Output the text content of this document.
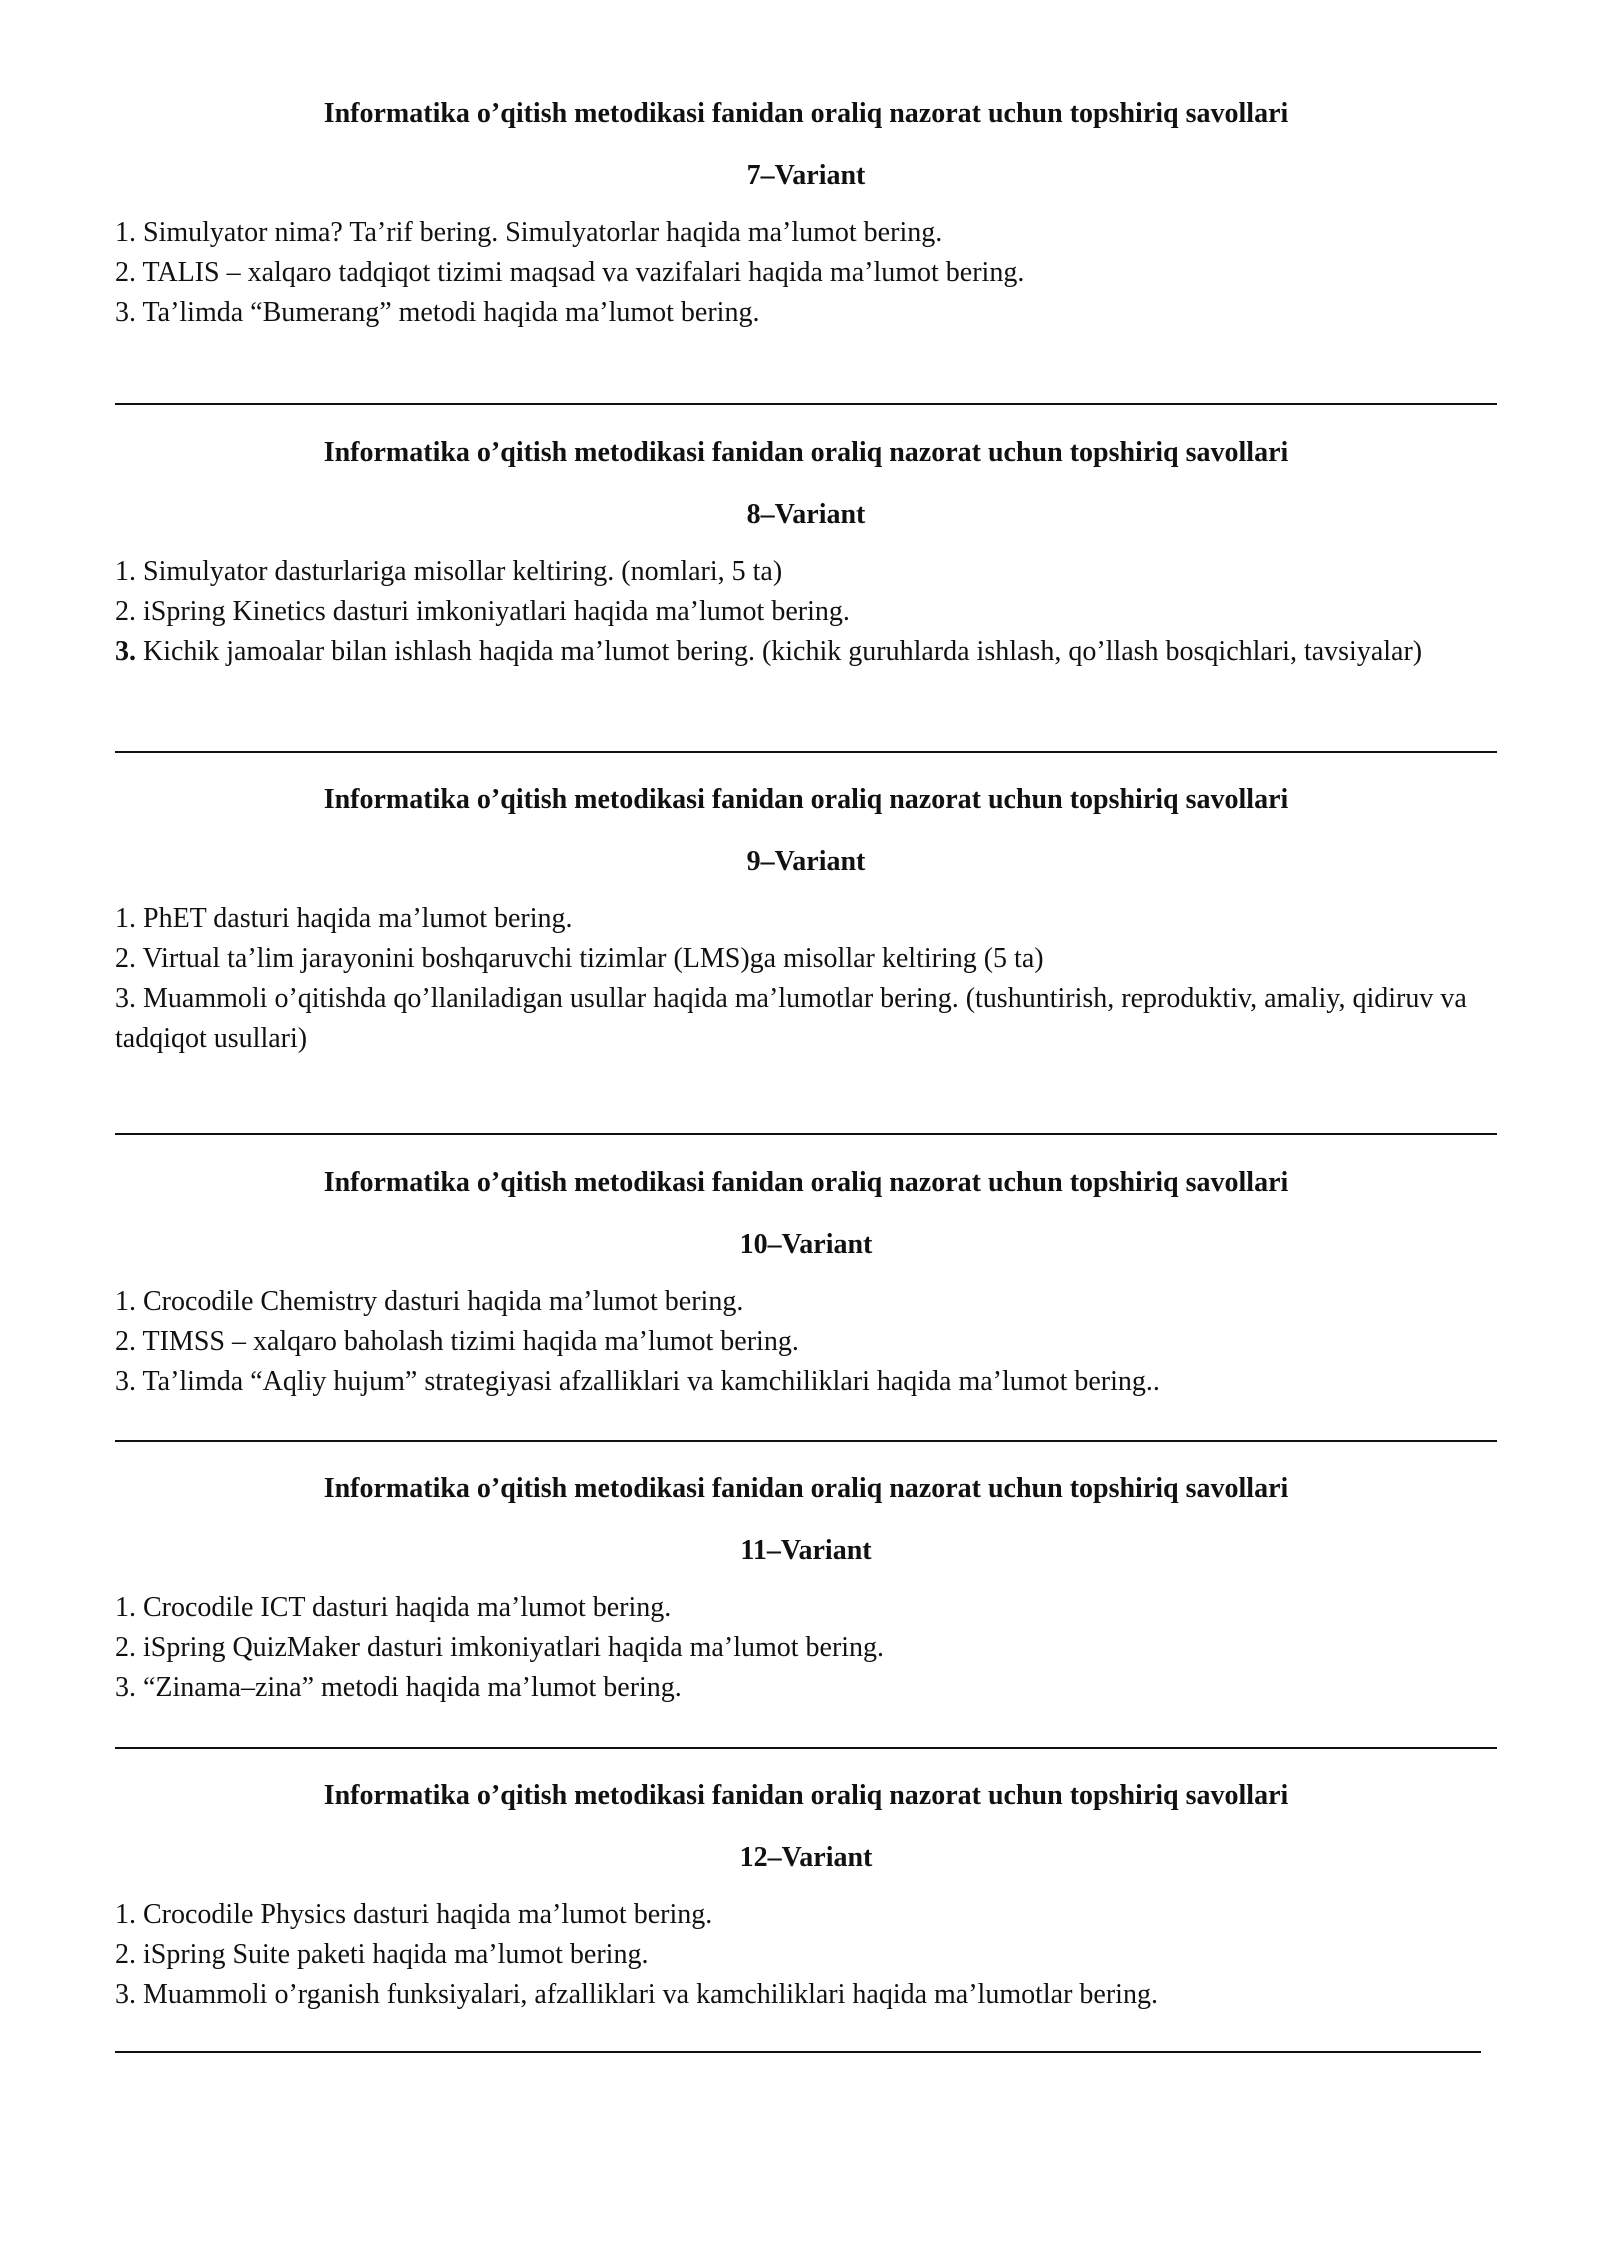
Informatika o’qitish metodikasi fanidan oraliq nazorat uchun topshiriq savollari

7–Variant

1. Simulyator nima? Ta’rif bering. Simulyatorlar haqida ma’lumot bering.

2. TALIS – xalqaro tadqiqot tizimi maqsad va vazifalari haqida ma’lumot bering.

3. Ta’limda “Bumerang” metodi haqida ma’lumot bering.

Informatika o’qitish metodikasi fanidan oraliq nazorat uchun topshiriq savollari

8–Variant

1. Simulyator dasturlariga misollar keltiring. (nomlari, 5 ta)

2. iSpring Kinetics dasturi imkoniyatlari haqida ma’lumot bering.

3. Kichik jamoalar bilan ishlash haqida ma’lumot bering. (kichik guruhlarda ishlash, qo’llash bosqichlari, tavsiyalar)

Informatika o’qitish metodikasi fanidan oraliq nazorat uchun topshiriq savollari

9–Variant

1. PhET dasturi haqida ma’lumot bering.

2. Virtual ta’lim jarayonini boshqaruvchi tizimlar (LMS)ga misollar keltiring (5 ta)

3. Muammoli o’qitishda qo’llaniladigan usullar haqida ma’lumotlar bering. (tushuntirish, reproduktiv, amaliy, qidiruv va tadqiqot usullari)

Informatika o’qitish metodikasi fanidan oraliq nazorat uchun topshiriq savollari

10–Variant

1. Crocodile Chemistry dasturi haqida ma’lumot bering.

2. TIMSS – xalqaro baholash tizimi haqida ma’lumot bering.

3. Ta’limda “Aqliy hujum” strategiyasi afzalliklari va kamchiliklari haqida ma’lumot bering..

Informatika o’qitish metodikasi fanidan oraliq nazorat uchun topshiriq savollari

11–Variant

1. Crocodile ICT dasturi haqida ma’lumot bering.

2. iSpring QuizMaker dasturi imkoniyatlari haqida ma’lumot bering.

3. “Zinama–zina” metodi haqida ma’lumot bering.

Informatika o’qitish metodikasi fanidan oraliq nazorat uchun topshiriq savollari

12–Variant

1. Crocodile Physics dasturi haqida ma’lumot bering.

2. iSpring Suite paketi haqida ma’lumot bering.

3. Muammoli o’rganish funksiyalari, afzalliklari va kamchiliklari haqida ma’lumotlar bering.
